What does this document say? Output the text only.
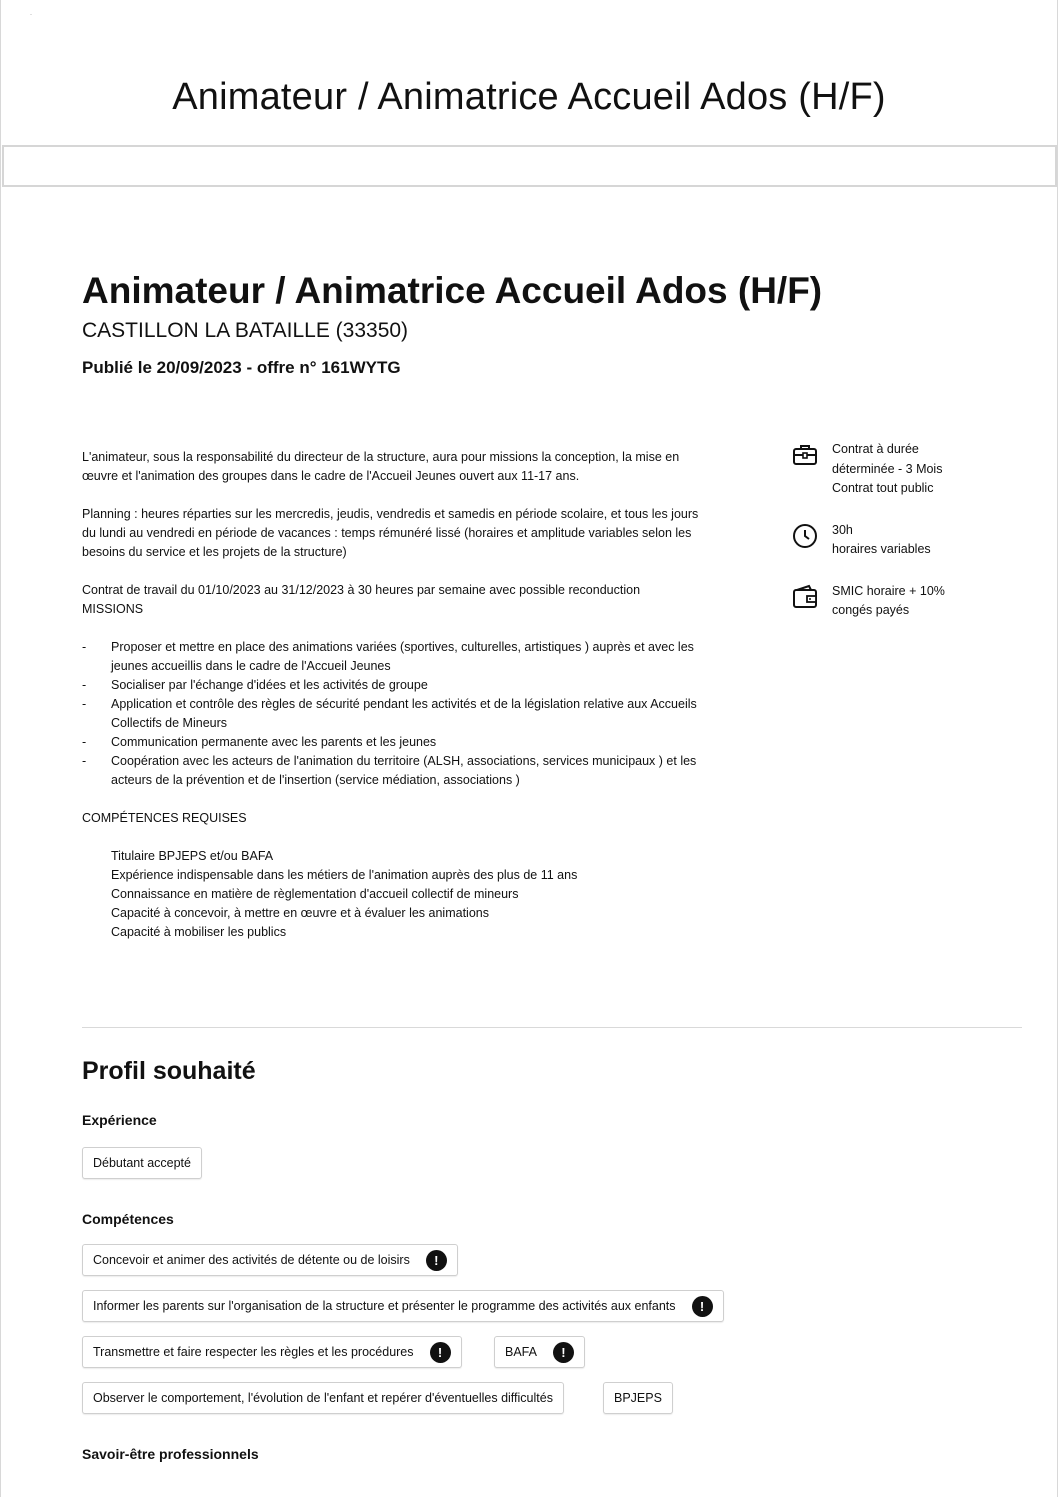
·
Animateur / Animatrice Accueil Ados (H/F)
Animateur / Animatrice Accueil Ados (H/F)
CASTILLON LA BATAILLE (33350)
Publié le 20/09/2023 - offre n° 161WYTG

L'animateur, sous la responsabilité du directeur de la structure, aura pour missions la conception, la mise en œuvre et l'animation des groupes dans le cadre de l'Accueil Jeunes ouvert aux 11-17 ans.

Planning : heures réparties sur les mercredis, jeudis, vendredis et samedis en période scolaire, et tous les jours du lundi au vendredi en période de vacances : temps rémunéré lissé (horaires et amplitude variables selon les besoins du service et les projets de la structure)

Contrat de travail du 01/10/2023 au 31/12/2023 à 30 heures par semaine avec possible reconduction

MISSIONS

-	Proposer et mettre en place des animations variées (sportives, culturelles, artistiques ) auprès et avec les jeunes accueillis dans le cadre de l'Accueil Jeunes
-	Socialiser par l'échange d'idées et les activités de groupe
-	Application et contrôle des règles de sécurité pendant les activités et de la législation relative aux Accueils Collectifs de Mineurs
-	Communication permanente avec les parents et les jeunes
-	Coopération avec les acteurs de l'animation du territoire (ALSH, associations, services municipaux ) et les acteurs de la prévention et de l'insertion (service médiation, associations )

COMPÉTENCES REQUISES

Titulaire BPJEPS et/ou BAFA

Expérience indispensable dans les métiers de l'animation auprès des plus de 11 ans

Connaissance en matière de règlementation d'accueil collectif de mineurs

Capacité à concevoir, à mettre en œuvre et à évaluer les animations

Capacité à mobiliser les publics

Contrat à durée
déterminée - 3 Mois
Contrat tout public
30h
horaires variables
SMIC horaire + 10%
congés payés
Profil souhaité
Expérience
Débutant accepté
Compétences
Concevoir et animer des activités de détente ou de loisirs	!
Informer les parents sur l'organisation de la structure et présenter le programme des activités aux enfants	!
Transmettre et faire respecter les règles et les procédures	!	BAFA	!
Observer le comportement, l'évolution de l'enfant et repérer d'éventuelles difficultés	BPJEPS
Savoir-être professionnels
